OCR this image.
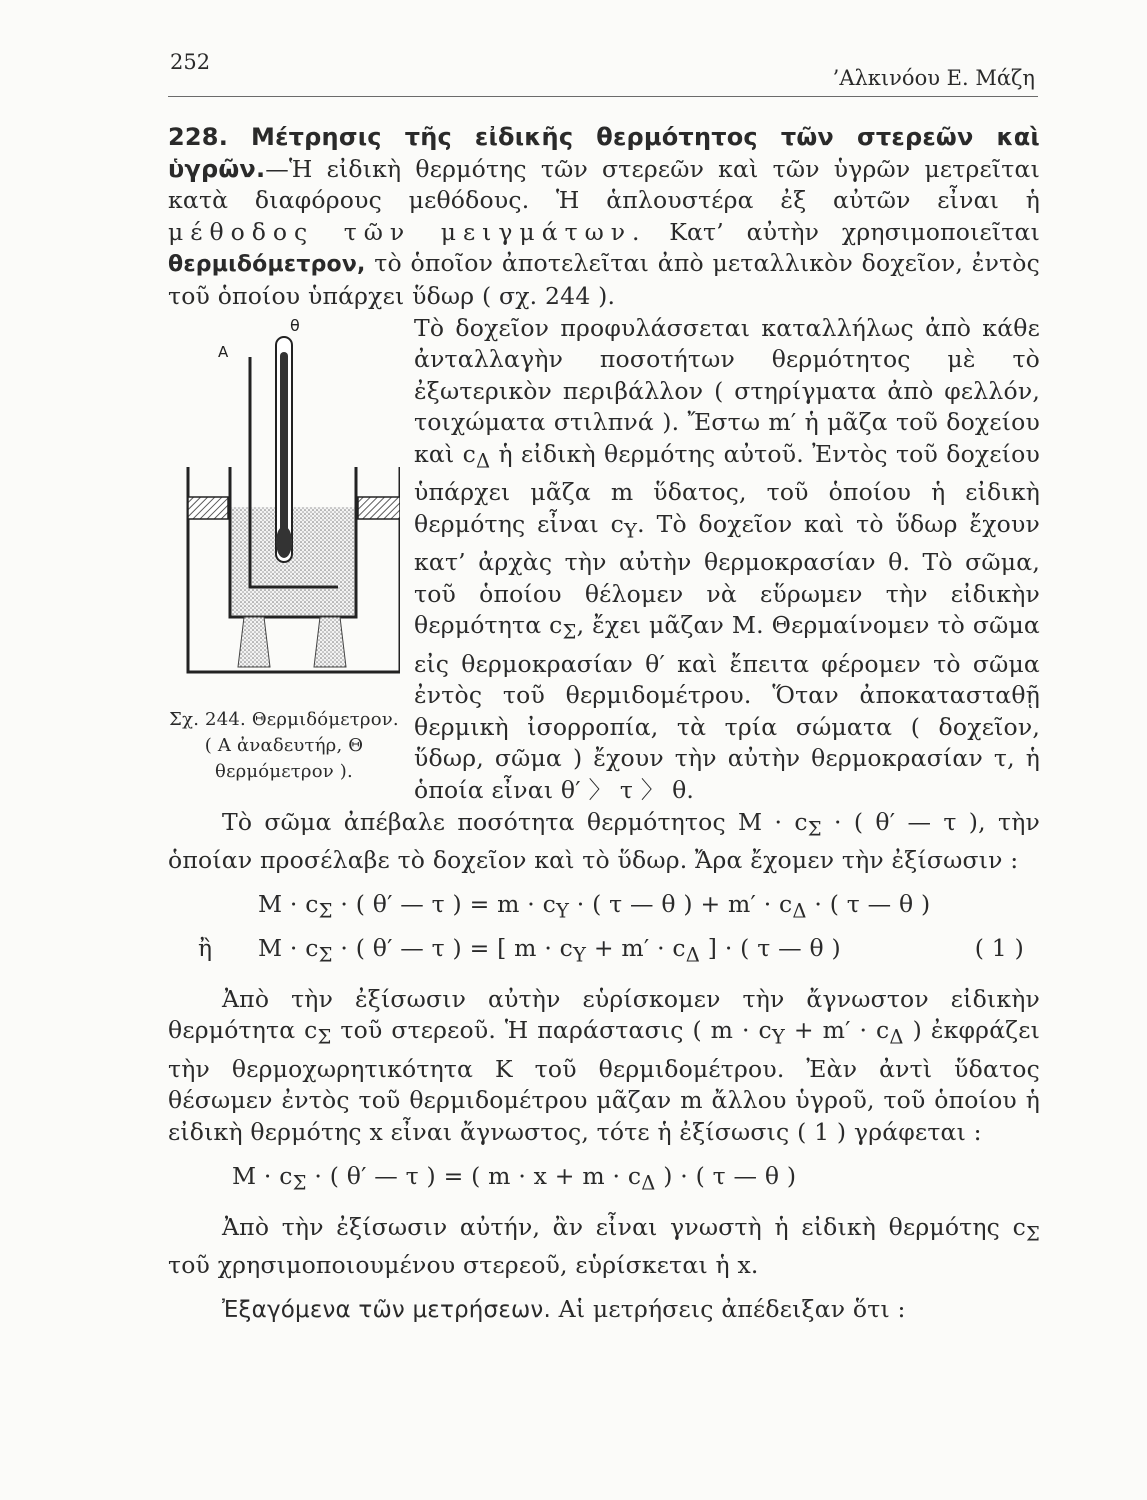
252
’Αλκινόου Ε. Μάζη

228. Μέτρησις τῆς εἰδικῆς θερμότητος τῶν στερεῶν καὶ ὑγρῶν.—Ἡ εἰδικὴ θερμότης τῶν στερεῶν καὶ τῶν ὑγρῶν μετρεῖται κατὰ διαφόρους μεθόδους. Ἡ ἁπλουστέρα ἐξ αὐτῶν εἶναι ἡ μέθοδος τῶν μειγμάτων. Κατ’ αὐτὴν χρησιμοποιεῖται θερμιδόμετρον, τὸ ὁποῖον ἀποτελεῖται ἀπὸ μεταλλικὸν δοχεῖον, ἐντὸς τοῦ ὁποίου ὑπάρχει ὕδωρ ( σχ. 244 ).

A
θ
Σχ. 244. Θερμιδόμετρον. ( A ἀναδευτήρ, Θ θερμόμετρον ).

Τὸ δοχεῖον προφυλάσσεται καταλλήλως ἀπὸ κάθε ἀνταλλαγὴν ποσοτήτων θερμότητος μὲ τὸ ἐξωτερικὸν περιβάλλον ( στηρίγματα ἀπὸ φελλόν, τοιχώματα στιλπνά ). Ἔστω m′ ἡ μᾶζα τοῦ δοχείου καὶ $c_\Delta$ ἡ εἰδικὴ θερμότης αὐτοῦ. Ἐντὸς τοῦ δοχείου ὑπάρχει μᾶζα m ὕδατος, τοῦ ὁποίου ἡ εἰδικὴ θερμότης εἶναι $c_Y$. Τὸ δοχεῖον καὶ τὸ ὕδωρ ἔχουν κατ’ ἀρχὰς τὴν αὐτὴν θερμοκρασίαν θ. Τὸ σῶμα, τοῦ ὁποίου θέλομεν νὰ εὕρωμεν τὴν εἰδικὴν θερμότητα $c_\Sigma$, ἔχει μᾶζαν M. Θερμαίνομεν τὸ σῶμα εἰς θερμοκρασίαν θ′ καὶ ἔπειτα φέρομεν τὸ σῶμα ἐντὸς τοῦ θερμιδομέτρου. Ὅταν ἀποκατασταθῇ θερμικὴ ἰσορροπία, τὰ τρία σώματα ( δοχεῖον, ὕδωρ, σῶμα ) ἔχουν τὴν αὐτὴν θερμοκρασίαν τ, ἡ ὁποία εἶναι θ′ 〉 τ 〉 θ.

Τὸ σῶμα ἀπέβαλε ποσότητα θερμότητος $M \cdot c_\Sigma$ · ( θ′ — τ ), τὴν ὁποίαν προσέλαβε τὸ δοχεῖον καὶ τὸ ὕδωρ. Ἄρα ἔχομεν τὴν ἐξίσωσιν :

$M \cdot c_\Sigma$ · ( θ′ — τ ) = $m \cdot c_Y$ · ( τ — θ ) + $m' \cdot c_\Delta$ · ( τ — θ )
ἢ	$M \cdot c_\Sigma$ · ( θ′ — τ ) = [ $m \cdot c_Y + m' \cdot c_\Delta$ ] · ( τ — θ )	( 1 )

Ἀπὸ τὴν ἐξίσωσιν αὐτὴν εὑρίσκομεν τὴν ἄγνωστον εἰδικὴν θερμότητα $c_\Sigma$ τοῦ στερεοῦ. Ἡ παράστασις ( $m \cdot c_Y + m' \cdot c_\Delta$ ) ἐκφράζει τὴν θερμοχωρητικότητα K τοῦ θερμιδομέτρου. Ἐὰν ἀντὶ ὕδατος θέσωμεν ἐντὸς τοῦ θερμιδομέτρου μᾶζαν m ἄλλου ὑγροῦ, τοῦ ὁποίου ἡ εἰδικὴ θερμότης x εἶναι ἄγνωστος, τότε ἡ ἐξίσωσις ( 1 ) γράφεται :

$M \cdot c_\Sigma$ · ( θ′ — τ ) = ( $m \cdot x + m \cdot c_\Delta$ ) · ( τ — θ )

Ἀπὸ τὴν ἐξίσωσιν αὐτήν, ἂν εἶναι γνωστὴ ἡ εἰδικὴ θερμότης $c_\Sigma$ τοῦ χρησιμοποιουμένου στερεοῦ, εὑρίσκεται ἡ x.

Ἐξαγόμενα τῶν μετρήσεων. Αἱ μετρήσεις ἀπέδειξαν ὅτι :
